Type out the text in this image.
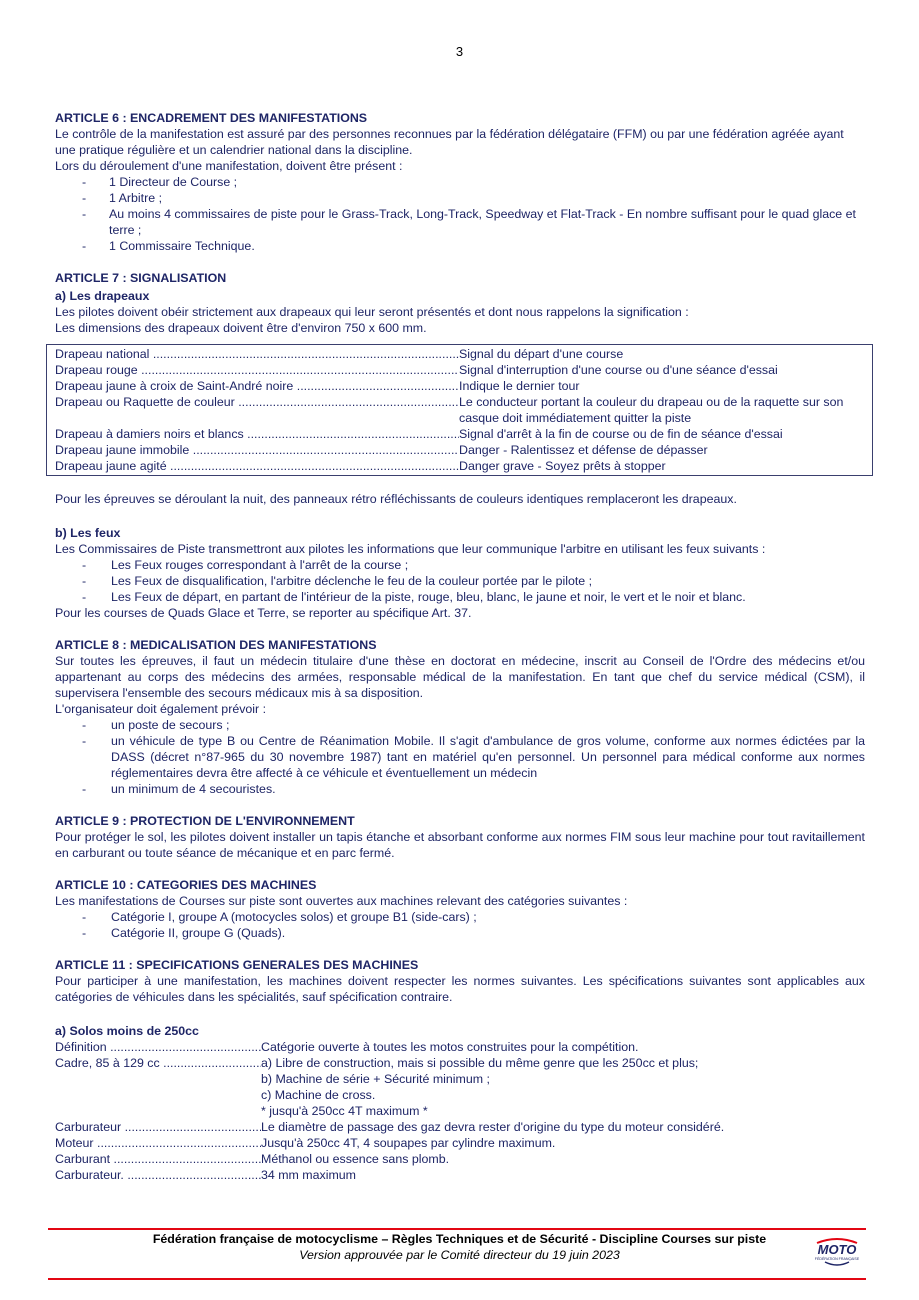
3
ARTICLE 6 : ENCADREMENT DES MANIFESTATIONS
Le contrôle de la manifestation est assuré par des personnes reconnues par la fédération délégataire (FFM) ou par une fédération agréée ayant une pratique régulière et un calendrier national dans la discipline.
Lors du déroulement d'une manifestation, doivent être présent :
- 1 Directeur de Course ;
- 1 Arbitre ;
- Au moins 4 commissaires de piste pour le Grass-Track, Long-Track, Speedway et Flat-Track - En nombre suffisant pour le quad glace et terre ;
- 1 Commissaire Technique.
ARTICLE 7 : SIGNALISATION
a) Les drapeaux
Les pilotes doivent obéir strictement aux drapeaux qui leur seront présentés et dont nous rappelons la signification :
Les dimensions des drapeaux doivent être d'environ 750 x 600 mm.
Drapeau national .....	Signal du départ d'une course
Drapeau rouge .....	Signal d'interruption d'une course ou d'une séance d'essai
Drapeau jaune à croix de Saint-André noire .....	Indique le dernier tour
Drapeau ou Raquette de couleur .....	Le conducteur portant la couleur du drapeau ou de la raquette sur son casque doit immédiatement quitter la piste
Drapeau à damiers noirs et blancs .....	Signal d'arrêt à la fin de course ou de fin de séance d'essai
Drapeau jaune immobile .....	Danger - Ralentissez et défense de dépasser
Drapeau jaune agité .....	Danger grave - Soyez prêts à stopper
Pour les épreuves se déroulant la nuit, des panneaux rétro réfléchissants de couleurs identiques remplaceront les drapeaux.
b) Les feux
Les Commissaires de Piste transmettront aux pilotes les informations que leur communique l'arbitre en utilisant les feux suivants :
- Les Feux rouges correspondant à l'arrêt de la course ;
- Les Feux de disqualification, l'arbitre déclenche le feu de la couleur portée par le pilote ;
- Les Feux de départ, en partant de l'intérieur de la piste, rouge, bleu, blanc, le jaune et noir, le vert et le noir et blanc.
Pour les courses de Quads Glace et Terre, se reporter au spécifique Art. 37.
ARTICLE 8 : MEDICALISATION DES MANIFESTATIONS
Sur toutes les épreuves, il faut un médecin titulaire d'une thèse en doctorat en médecine, inscrit au Conseil de l'Ordre des médecins et/ou appartenant au corps des médecins des armées, responsable médical de la manifestation. En tant que chef du service médical (CSM), il supervisera l'ensemble des secours médicaux mis à sa disposition.
L'organisateur doit également prévoir :
- un poste de secours ;
- un véhicule de type B ou Centre de Réanimation Mobile. Il s'agit d'ambulance de gros volume, conforme aux normes édictées par la DASS (décret n°87-965 du 30 novembre 1987) tant en matériel qu'en personnel. Un personnel para médical conforme aux normes réglementaires devra être affecté à ce véhicule et éventuellement un médecin
- un minimum de 4 secouristes.
ARTICLE 9 : PROTECTION DE L'ENVIRONNEMENT
Pour protéger le sol, les pilotes doivent installer un tapis étanche et absorbant conforme aux normes FIM sous leur machine pour tout ravitaillement en carburant ou toute séance de mécanique et en parc fermé.
ARTICLE 10 : CATEGORIES DES MACHINES
Les manifestations de Courses sur piste sont ouvertes aux machines relevant des catégories suivantes :
- Catégorie I, groupe A (motocycles solos) et groupe B1 (side-cars) ;
- Catégorie II, groupe G (Quads).
ARTICLE 11 : SPECIFICATIONS GENERALES DES MACHINES
Pour participer à une manifestation, les machines doivent respecter les normes suivantes. Les spécifications suivantes sont applicables aux catégories de véhicules dans les spécialités, sauf spécification contraire.
a) Solos moins de 250cc
Définition .....	Catégorie ouverte à toutes les motos construites pour la compétition.
Cadre, 85 à 129 cc .....	a) Libre de construction, mais si possible du même genre que les 250cc et plus;
b) Machine de série + Sécurité minimum ;
c) Machine de cross.
* jusqu'à 250cc 4T maximum *
Carburateur .....	Le diamètre de passage des gaz devra rester d'origine du type du moteur considéré.
Moteur .....	Jusqu'à 250cc 4T, 4 soupapes par cylindre maximum.
Carburant .....	Méthanol ou essence sans plomb.
Carburateur. .....	34 mm maximum
Fédération française de motocyclisme – Règles Techniques et de Sécurité - Discipline Courses sur piste
Version approuvée par le Comité directeur du 19 juin 2023	MOTO
FÉDÉRATION FRANÇAISE
